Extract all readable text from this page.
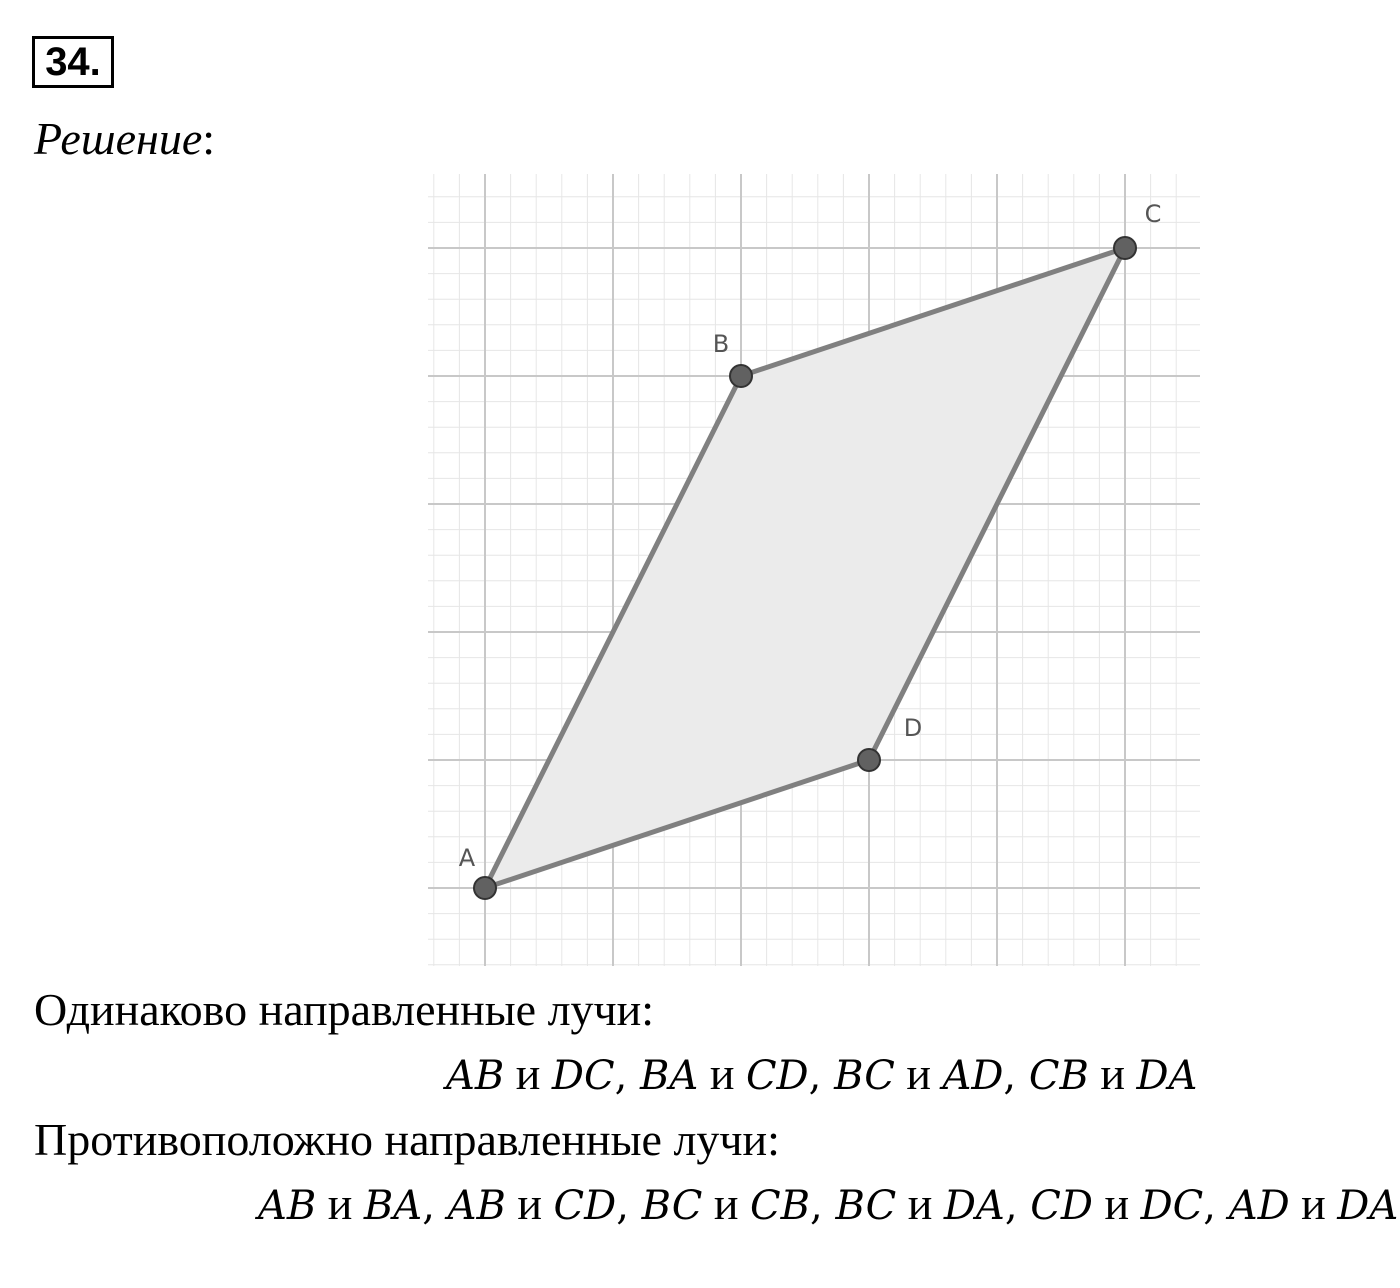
34.
Решение:
A
B
C
D
Одинаково направленные лучи:
AB и DC, BA и CD, BC и AD, CB и DA
Противоположно направленные лучи:
AB и BA, AB и CD, BC и CB, BC и DA, CD и DC, AD и DA
